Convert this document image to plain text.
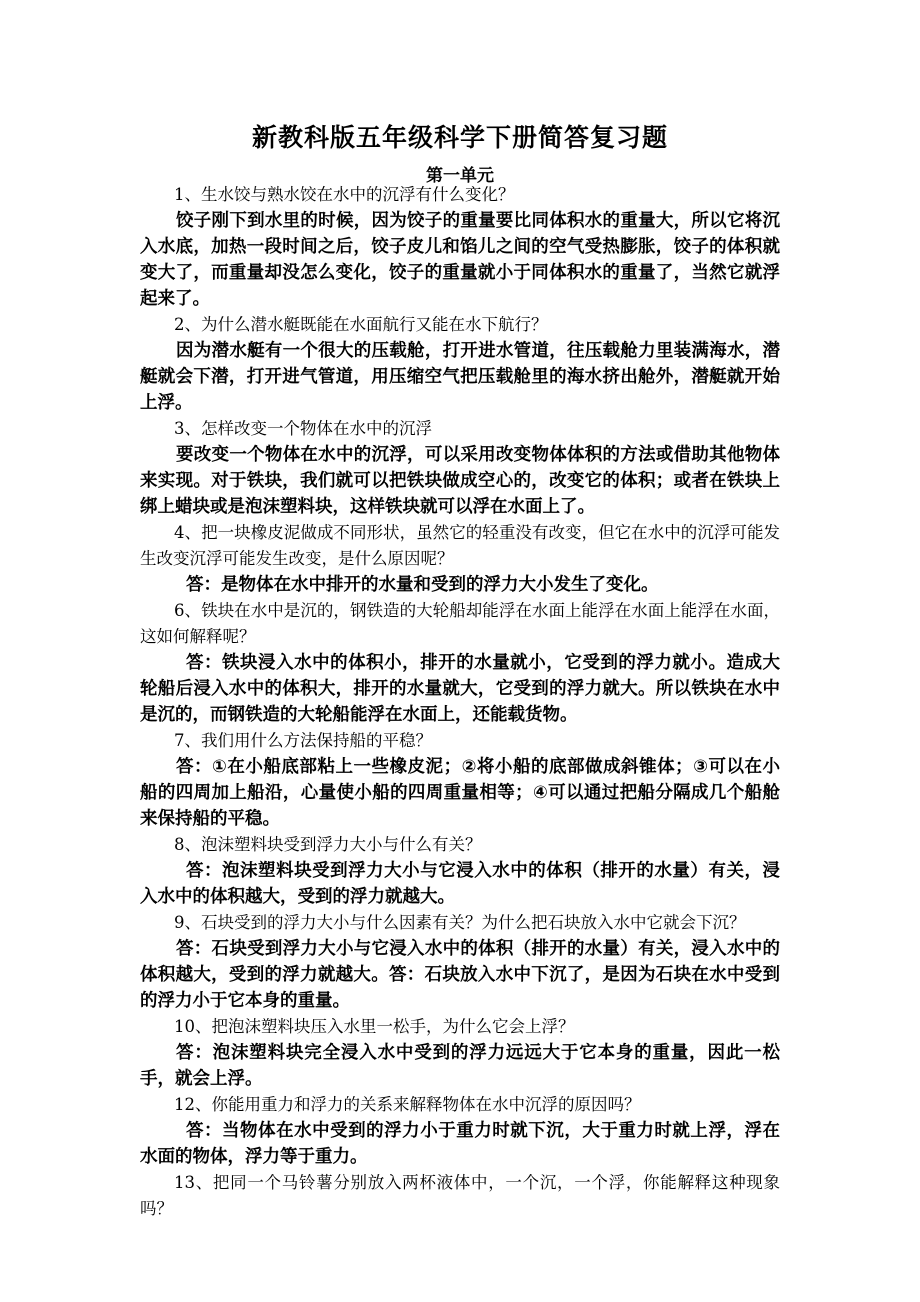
新教科版五年级科学下册简答复习题
第一单元

1、生水饺与熟水饺在水中的沉浮有什么变化？

饺子刚下到水里的时候，因为饺子的重量要比同体积水的重量大，所以它将沉入水底，加热一段时间之后，饺子皮儿和馅儿之间的空气受热膨胀，饺子的体积就变大了，而重量却没怎么变化，饺子的重量就小于同体积水的重量了，当然它就浮起来了。

2、为什么潜水艇既能在水面航行又能在水下航行？

因为潜水艇有一个很大的压载舱，打开进水管道，往压载舱力里装满海水，潜艇就会下潜，打开进气管道，用压缩空气把压载舱里的海水挤出舱外，潜艇就开始上浮。

3、怎样改变一个物体在水中的沉浮

要改变一个物体在水中的沉浮，可以采用改变物体体积的方法或借助其他物体来实现。对于铁块，我们就可以把铁块做成空心的，改变它的体积；或者在铁块上绑上蜡块或是泡沫塑料块，这样铁块就可以浮在水面上了。

4、把一块橡皮泥做成不同形状，虽然它的轻重没有改变，但它在水中的沉浮可能发生改变沉浮可能发生改变，是什么原因呢？

答：是物体在水中排开的水量和受到的浮力大小发生了变化。

6、铁块在水中是沉的，钢铁造的大轮船却能浮在水面上能浮在水面上能浮在水面，这如何解释呢？

答：铁块浸入水中的体积小，排开的水量就小，它受到的浮力就小。造成大轮船后浸入水中的体积大，排开的水量就大，它受到的浮力就大。所以铁块在水中是沉的，而钢铁造的大轮船能浮在水面上，还能载货物。

7、我们用什么方法保持船的平稳？

答：①在小船底部粘上一些橡皮泥；②将小船的底部做成斜锥体；③可以在小船的四周加上船沿，心量使小船的四周重量相等；④可以通过把船分隔成几个船舱来保持船的平稳。

8、泡沫塑料块受到浮力大小与什么有关？

答：泡沫塑料块受到浮力大小与它浸入水中的体积（排开的水量）有关，浸入水中的体积越大，受到的浮力就越大。

9、石块受到的浮力大小与什么因素有关？为什么把石块放入水中它就会下沉？

答：石块受到浮力大小与它浸入水中的体积（排开的水量）有关，浸入水中的体积越大，受到的浮力就越大。答：石块放入水中下沉了，是因为石块在水中受到的浮力小于它本身的重量。

10、把泡沫塑料块压入水里一松手，为什么它会上浮？

答：泡沫塑料块完全浸入水中受到的浮力远远大于它本身的重量，因此一松手，就会上浮。

12、你能用重力和浮力的关系来解释物体在水中沉浮的原因吗？

答：当物体在水中受到的浮力小于重力时就下沉，大于重力时就上浮，浮在水面的物体，浮力等于重力。

13、把同一个马铃薯分别放入两杯液体中，一个沉，一个浮，你能解释这种现象吗？
